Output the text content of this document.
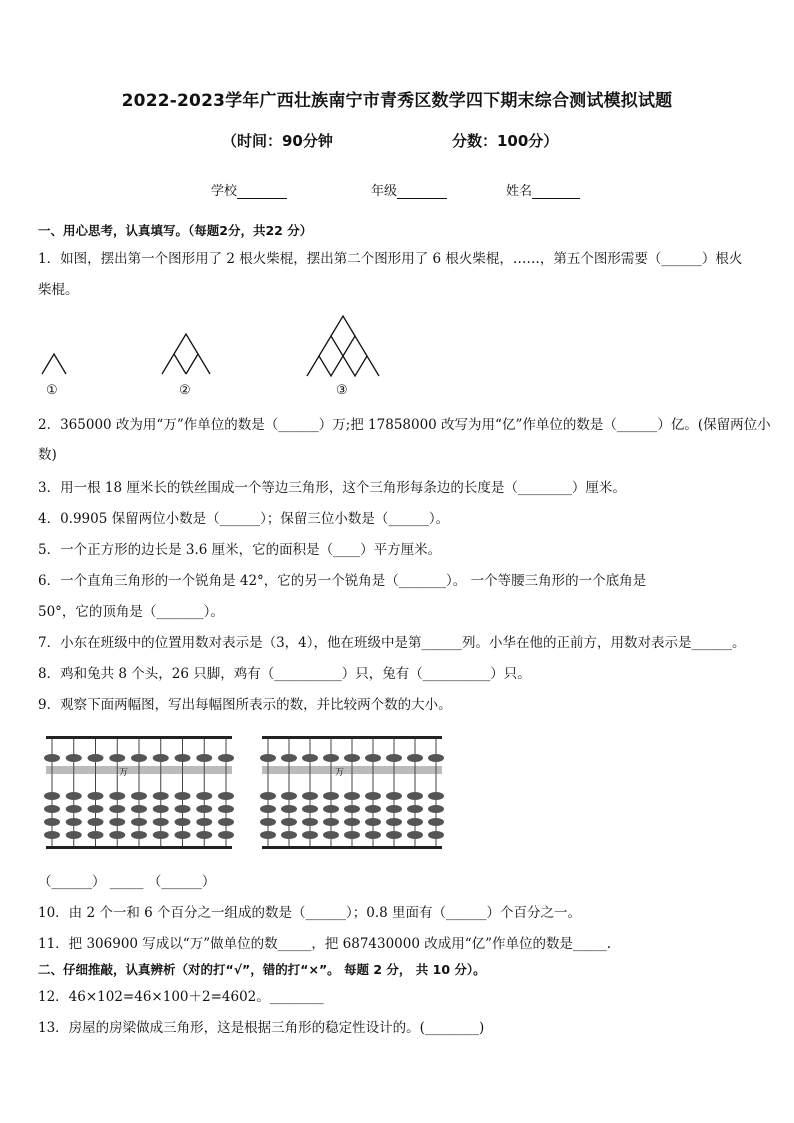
2022-2023学年广西壮族南宁市青秀区数学四下期末综合测试模拟试题
（时间：90分钟	分数：100分）
学校	年级	姓名
一、用心思考，认真填写。（每题2分，共22 分）
1．如图，摆出第一个图形用了 2 根火柴棍，摆出第二个图形用了 6 根火柴棍，……，第五个图形需要（______）根火
柴棍。
①	②	③
2．365000 改为用“万”作单位的数是（______）万;把 17858000 改写为用“亿”作单位的数是（______）亿。(保留两位小
数)
3．用一根 18 厘米长的铁丝围成一个等边三角形，这个三角形每条边的长度是（________）厘米。
4．0.9905 保留两位小数是（______）；保留三位小数是（______）。
5．一个正方形的边长是 3.6 厘米，它的面积是（____）平方厘米。
6．一个直角三角形的一个锐角是 42°，它的另一个锐角是（_______）。 一个等腰三角形的一个底角是
50°，它的顶角是（_______）。
7．小东在班级中的位置用数对表示是（3，4），他在班级中是第______列。小华在他的正前方，用数对表示是______。
8．鸡和兔共 8 个头，26 只脚，鸡有（__________）只，兔有（__________）只。
9．观察下面两幅图，写出每幅图所表示的数，并比较两个数的大小。
万	万
（______） _____ （______）
10．由 2 个一和 6 个百分之一组成的数是（______）；0.8 里面有（______）个百分之一。
11．把 306900 写成以“万”做单位的数_____，把 687430000 改成用“亿”作单位的数是_____.
二、仔细推敲，认真辨析（对的打“√”，错的打“×”。 每题 2 分， 共 10 分）。
12．46×102=46×100＋2=4602。________
13．房屋的房梁做成三角形，这是根据三角形的稳定性设计的。(________)
